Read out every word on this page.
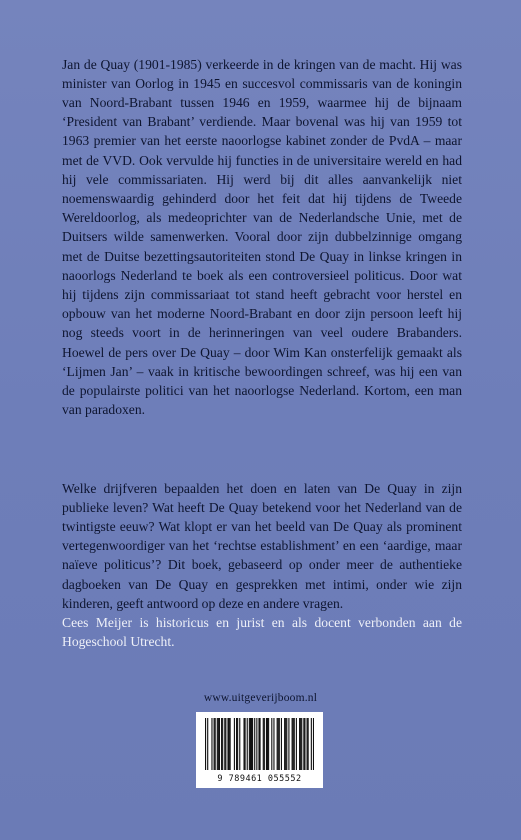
Jan de Quay (1901-1985) verkeerde in de kringen van de macht. Hij was minister van Oorlog in 1945 en succesvol commissaris van de koningin van Noord-Brabant tussen 1946 en 1959, waarmee hij de bijnaam ‘President van Brabant’ verdiende. Maar bovenal was hij van 1959 tot 1963 premier van het eerste naoorlogse kabinet zonder de PvdA – maar met de VVD. Ook vervulde hij functies in de universitaire wereld en had hij vele commissariaten. Hij werd bij dit alles aanvankelijk niet noemenswaardig gehinderd door het feit dat hij tijdens de Tweede Wereldoorlog, als medeoprichter van de Nederlandsche Unie, met de Duitsers wilde samenwerken. Vooral door zijn dubbelzinnige omgang met de Duitse bezettingsautoriteiten stond De Quay in linkse kringen in naoorlogs Nederland te boek als een controversieel politicus. Door wat hij tijdens zijn commissariaat tot stand heeft gebracht voor herstel en opbouw van het moderne Noord-Brabant en door zijn persoon leeft hij nog steeds voort in de herinneringen van veel oudere Brabanders. Hoewel de pers over De Quay – door Wim Kan onsterfelijk gemaakt als ‘Lijmen Jan’ – vaak in kritische bewoordingen schreef, was hij een van de populairste politici van het naoorlogse Nederland. Kortom, een man van paradoxen.

Welke drijfveren bepaalden het doen en laten van De Quay in zijn publieke leven? Wat heeft De Quay betekend voor het Nederland van de twintigste eeuw? Wat klopt er van het beeld van De Quay als prominent vertegenwoordiger van het ‘rechtse establishment’ en een ‘aardige, maar naïeve politicus’? Dit boek, gebaseerd op onder meer de authentieke dagboeken van De Quay en gesprekken met intimi, onder wie zijn kinderen, geeft antwoord op deze en andere vragen.

Cees Meijer is historicus en jurist en als docent verbonden aan de Hogeschool Utrecht.

www.uitgeverijboom.nl
9 789461 055552
